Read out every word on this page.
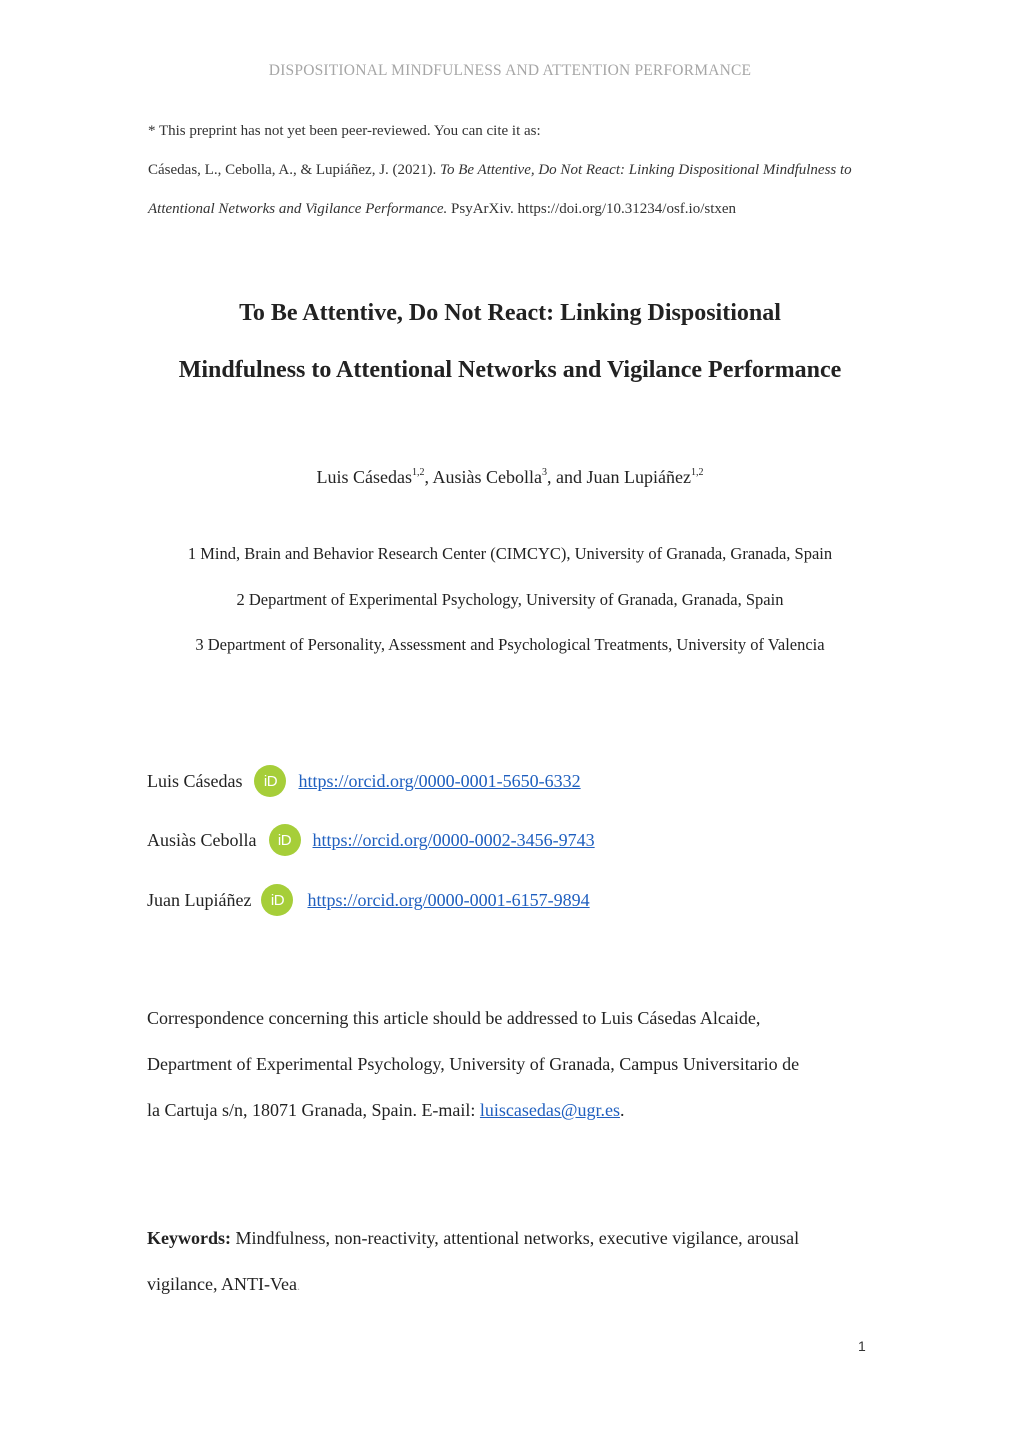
DISPOSITIONAL MINDFULNESS AND ATTENTION PERFORMANCE
* This preprint has not yet been peer-reviewed. You can cite it as:
Cásedas, L., Cebolla, A., & Lupiáñez, J. (2021). To Be Attentive, Do Not React: Linking Dispositional Mindfulness to
Attentional Networks and Vigilance Performance. PsyArXiv. https://doi.org/10.31234/osf.io/stxen
To Be Attentive, Do Not React: Linking Dispositional
Mindfulness to Attentional Networks and Vigilance Performance
Luis Cásedas$^{1,2}$, Ausiàs Cebolla$^3$, and Juan Lupiáñez$^{1,2}$
1 Mind, Brain and Behavior Research Center (CIMCYC), University of Granada, Granada, Spain
2 Department of Experimental Psychology, University of Granada, Granada, Spain
3 Department of Personality, Assessment and Psychological Treatments, University of Valencia
Luis Cásedas	iD	https://orcid.org/0000-0001-5650-6332
Ausiàs Cebolla	iD	https://orcid.org/0000-0002-3456-9743
Juan Lupiáñez	iD	https://orcid.org/0000-0001-6157-9894
Correspondence concerning this article should be addressed to Luis Cásedas Alcaide,
Department of Experimental Psychology, University of Granada, Campus Universitario de
la Cartuja s/n, 18071 Granada, Spain. E-mail: luiscasedas@ugr.es.
Keywords: Mindfulness, non-reactivity, attentional networks, executive vigilance, arousal
vigilance, ANTI-Vea.
1
